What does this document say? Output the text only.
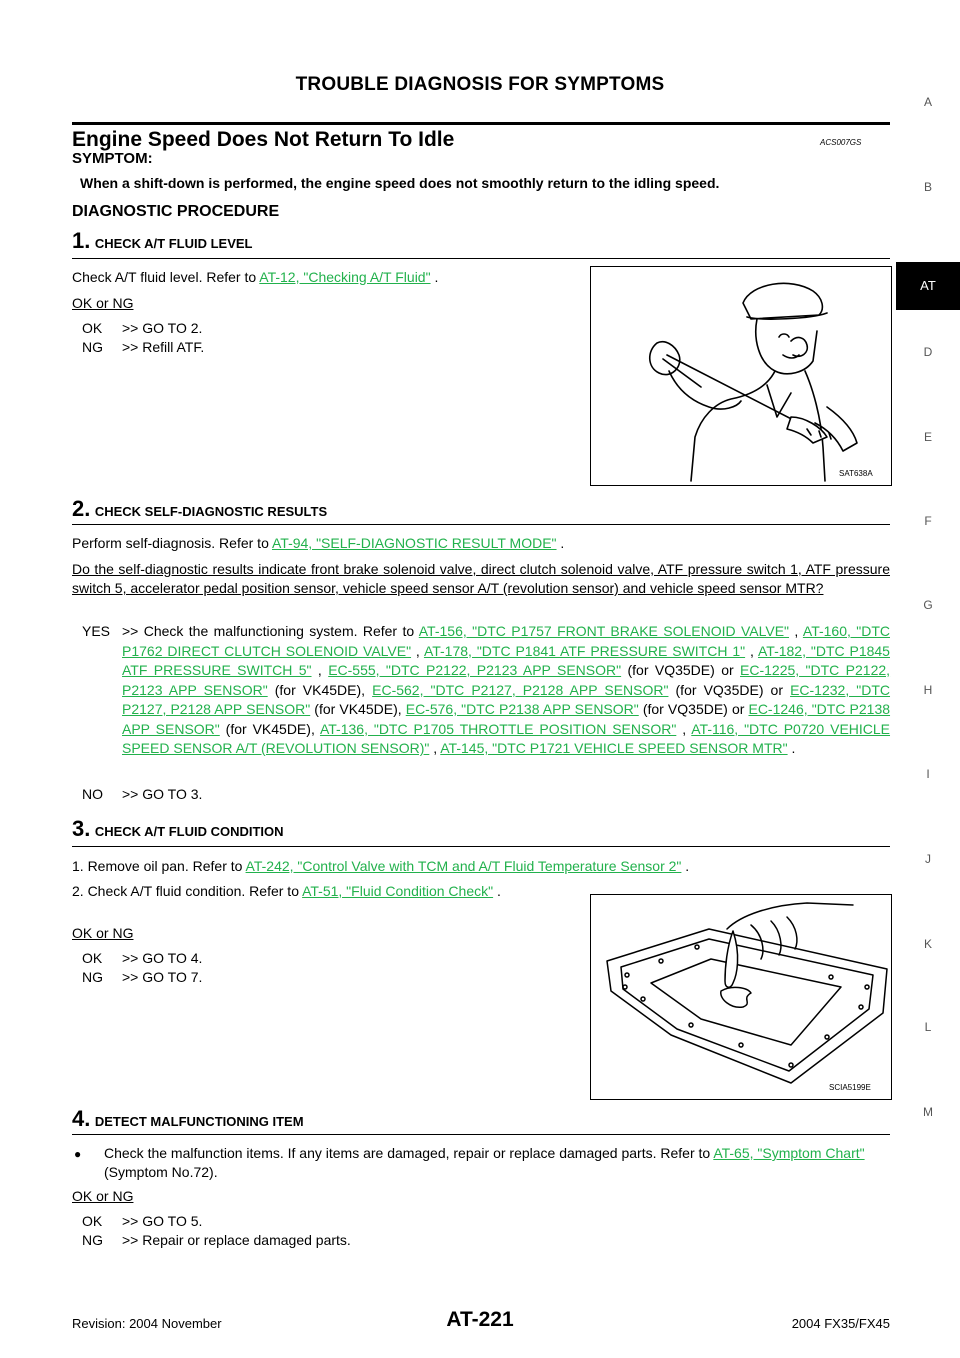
TROUBLE DIAGNOSIS FOR SYMPTOMS
A
B
D
E
F
G
H
I
J
K
AT
L
M
Engine Speed Does Not Return To Idle	ACS007GS
SYMPTOM:
When a shift-down is performed, the engine speed does not smoothly return to the idling speed.
DIAGNOSTIC PROCEDURE
1. CHECK A/T FLUID LEVEL
Check A/T fluid level. Refer to AT-12, "Checking A/T Fluid" .
OK or NG
OK	>> GO TO 2.
NG	>> Refill ATF.
SAT638A
2. CHECK SELF-DIAGNOSTIC RESULTS
Perform self-diagnosis. Refer to AT-94, "SELF-DIAGNOSTIC RESULT MODE" .
Do the self-diagnostic results indicate front brake solenoid valve, direct clutch solenoid valve, ATF pressure switch 1, ATF pressure switch 5, accelerator pedal position sensor, vehicle speed sensor A/T (revolution sensor) and vehicle speed sensor MTR?
YES >> Check the malfunctioning system. Refer to AT-156, "DTC P1757 FRONT BRAKE SOLENOID VALVE" , AT-160, "DTC P1762 DIRECT CLUTCH SOLENOID VALVE" , AT-178, "DTC P1841 ATF PRESSURE SWITCH 1" , AT-182, "DTC P1845 ATF PRESSURE SWITCH 5" , EC-555, "DTC P2122, P2123 APP SENSOR" (for VQ35DE) or EC-1225, "DTC P2122, P2123 APP SENSOR" (for VK45DE), EC-562, "DTC P2127, P2128 APP SENSOR" (for VQ35DE) or EC-1232, "DTC P2127, P2128 APP SENSOR" (for VK45DE), EC-576, "DTC P2138 APP SENSOR" (for VQ35DE) or EC-1246, "DTC P2138 APP SENSOR" (for VK45DE), AT-136, "DTC P1705 THROTTLE POSITION SENSOR" , AT-116, "DTC P0720 VEHICLE SPEED SENSOR A/T (REVOLUTION SENSOR)" , AT-145, "DTC P1721 VEHICLE SPEED SENSOR MTR" .
NO >> GO TO 3.
3. CHECK A/T FLUID CONDITION
1. Remove oil pan. Refer to AT-242, "Control Valve with TCM and A/T Fluid Temperature Sensor 2" .
2. Check A/T fluid condition. Refer to AT-51, "Fluid Condition Check" .
OK or NG
OK >> GO TO 4.
NG >> GO TO 7.
SCIA5199E
4. DETECT MALFUNCTIONING ITEM
● Check the malfunction items. If any items are damaged, repair or replace damaged parts. Refer to AT-65, "Symptom Chart" (Symptom No.72).
OK or NG
OK >> GO TO 5.
NG >> Repair or replace damaged parts.
Revision: 2004 November	AT-221	2004 FX35/FX45
